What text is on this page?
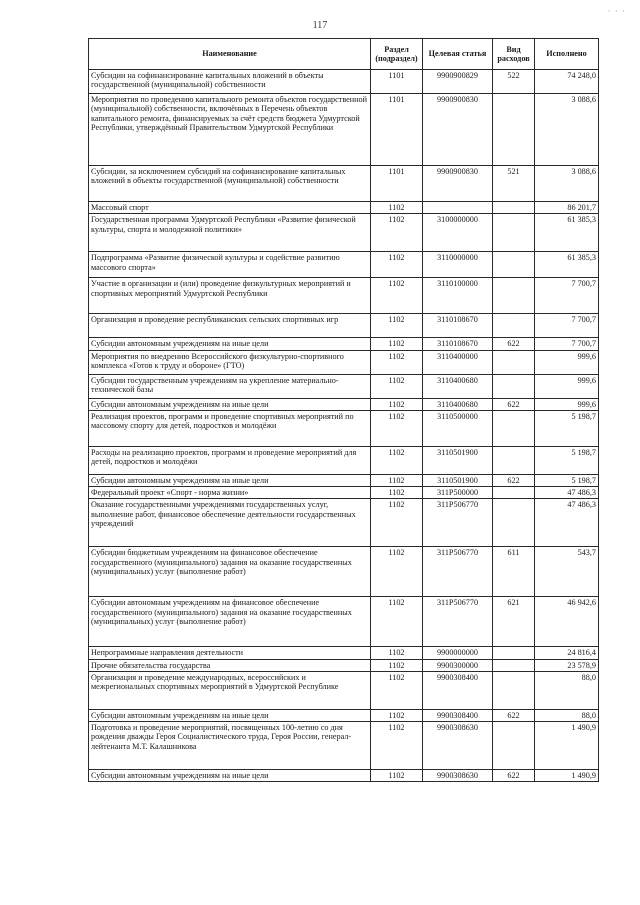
117
· · ·
Наименование	Раздел (подраздел)	Целевая статья	Вид расходов	Исполнено
Субсидии на софинансирование капитальных вложений в объекты государственной (муниципальной) собственности	1101	9900900829	522	74 248,0
Мероприятия по проведению капитального ремонта объектов государственной (муниципальной) собственности, включённых в Перечень объектов капитального ремонта, финансируемых за счёт средств бюджета Удмуртской Республики, утверждённый Правительством Удмуртской Республики	1101	9900900830		3 088,6
Субсидии, за исключением субсидий на софинансирование капитальных вложений в объекты государственной (муниципальной) собственности	1101	9900900830	521	3 088,6
Массовый спорт	1102			86 201,7
Государственная программа Удмуртской Республики «Развитие физической культуры, спорта и молодежной политики»	1102	3100000000		61 385,3
Подпрограмма «Развитие физической культуры и содействие развитию массового спорта»	1102	3110000000		61 385,3
Участие в организации и (или) проведение физкультурных мероприятий и спортивных мероприятий Удмуртской Республики	1102	3110100000		7 700,7
Организация и проведение республиканских сельских спортивных игр	1102	3110108670		7 700,7
Субсидии автономным учреждениям на иные цели	1102	3110108670	622	7 700,7
Мероприятия по внедрению Всероссийского физкультурно-спортивного комплекса «Готов к труду и обороне» (ГТО)	1102	3110400000		999,6
Субсидии государственным учреждениям на укрепление материально-технической базы	1102	3110400680		999,6
Субсидии автономным учреждениям на иные цели	1102	3110400680	622	999,6
Реализация проектов, программ и проведение спортивных мероприятий по массовому спорту для детей, подростков и молодёжи	1102	3110500000		5 198,7
Расходы на реализацию проектов, программ и проведение мероприятий для детей, подростков и молодёжи	1102	3110501900		5 198,7
Субсидии автономным учреждениям на иные цели	1102	3110501900	622	5 198,7
Федеральный проект «Спорт - норма жизни»	1102	311P500000		47 486,3
Оказание государственными учреждениями государственных услуг, выполнение работ, финансовое обеспечение деятельности государственных учреждений	1102	311P506770		47 486,3
Субсидии бюджетным учреждениям на финансовое обеспечение государственного (муниципального) задания на оказание государственных (муниципальных) услуг (выполнение работ)	1102	311P506770	611	543,7
Субсидии автономным учреждениям на финансовое обеспечение государственного (муниципального) задания на оказание государственных (муниципальных) услуг (выполнение работ)	1102	311P506770	621	46 942,6
Непрограммные направления деятельности	1102	9900000000		24 816,4
Прочие обязательства государства	1102	9900300000		23 578,9
Организация и проведение международных, всероссийских и межрегиональных спортивных мероприятий в Удмуртской Республике	1102	9900308400		88,0
Субсидии автономным учреждениям на иные цели	1102	9900308400	622	88,0
Подготовка и проведение мероприятий, посвященных 100-летию со дня рождения дважды Героя Социалистического труда, Героя России, генерал-лейтенанта М.Т. Калашникова	1102	9900308630		1 490,9
Субсидии автономным учреждениям на иные цели	1102	9900308630	622	1 490,9
